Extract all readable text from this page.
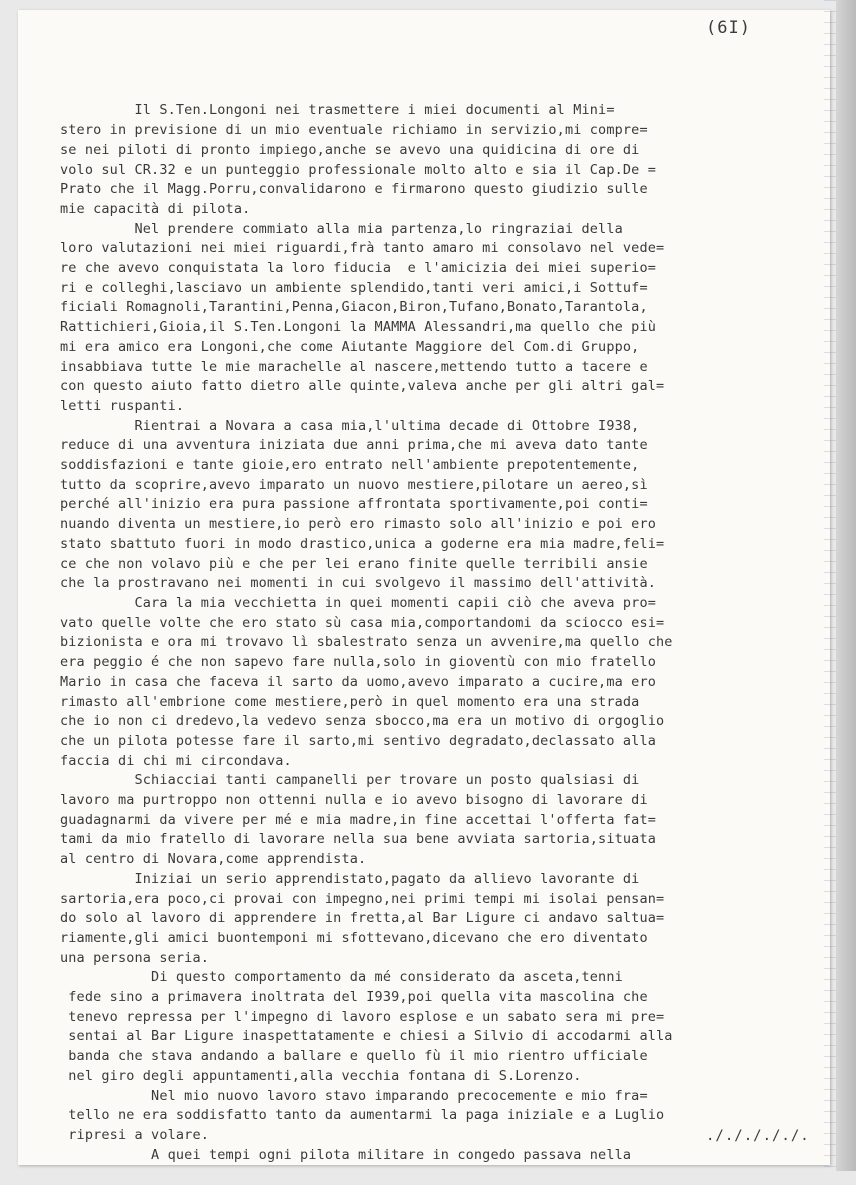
(6I)

Il S.Ten.Longoni nei trasmettere i miei documenti al Mini=
stero in previsione di un mio eventuale richiamo in servizio,mi compre=
se nei piloti di pronto impiego,anche se avevo una quidicina di ore di
volo sul CR.32 e un punteggio professionale molto alto e sia il Cap.De =
Prato che il Magg.Porru,convalidarono e firmarono questo giudizio sulle
mie capacità di pilota.
Nel prendere commiato alla mia partenza,lo ringraziai della
loro valutazioni nei miei riguardi,frà tanto amaro mi consolavo nel vede=
re che avevo conquistata la loro fiducia  e l'amicizia dei miei superio=
ri e colleghi,lasciavo un ambiente splendido,tanti veri amici,i Sottuf=
ficiali Romagnoli,Tarantini,Penna,Giacon,Biron,Tufano,Bonato,Tarantola,
Rattichieri,Gioia,il S.Ten.Longoni la MAMMA Alessandri,ma quello che più
mi era amico era Longoni,che come Aiutante Maggiore del Com.di Gruppo,
insabbiava tutte le mie marachelle al nascere,mettendo tutto a tacere e
con questo aiuto fatto dietro alle quinte,valeva anche per gli altri gal=
letti ruspanti.
Rientrai a Novara a casa mia,l'ultima decade di Ottobre I938,
reduce di una avventura iniziata due anni prima,che mi aveva dato tante
soddisfazioni e tante gioie,ero entrato nell'ambiente prepotentemente,
tutto da scoprire,avevo imparato un nuovo mestiere,pilotare un aereo,sì
perché all'inizio era pura passione affrontata sportivamente,poi conti=
nuando diventa un mestiere,io però ero rimasto solo all'inizio e poi ero
stato sbattuto fuori in modo drastico,unica a goderne era mia madre,feli=
ce che non volavo più e che per lei erano finite quelle terribili ansie
che la prostravano nei momenti in cui svolgevo il massimo dell'attività.
Cara la mia vecchietta in quei momenti capii ciò che aveva pro=
vato quelle volte che ero stato sù casa mia,comportandomi da sciocco esi=
bizionista e ora mi trovavo lì sbalestrato senza un avvenire,ma quello che
era peggio é che non sapevo fare nulla,solo in gioventù con mio fratello
Mario in casa che faceva il sarto da uomo,avevo imparato a cucire,ma ero
rimasto all'embrione come mestiere,però in quel momento era una strada
che io non ci dredevo,la vedevo senza sbocco,ma era un motivo di orgoglio
che un pilota potesse fare il sarto,mi sentivo degradato,declassato alla
faccia di chi mi circondava.
Schiacciai tanti campanelli per trovare un posto qualsiasi di
lavoro ma purtroppo non ottenni nulla e io avevo bisogno di lavorare di
guadagnarmi da vivere per mé e mia madre,in fine accettai l'offerta fat=
tami da mio fratello di lavorare nella sua bene avviata sartoria,situata
al centro di Novara,come apprendista.
Iniziai un serio apprendistato,pagato da allievo lavorante di
sartoria,era poco,ci provai con impegno,nei primi tempi mi isolai pensan=
do solo al lavoro di apprendere in fretta,al Bar Ligure ci andavo saltua=
riamente,gli amici buontemponi mi sfottevano,dicevano che ero diventato
una persona seria.
Di questo comportamento da mé considerato da asceta,tenni
fede sino a primavera inoltrata del I939,poi quella vita mascolina che
tenevo repressa per l'impegno di lavoro esplose e un sabato sera mi pre=
sentai al Bar Ligure inaspettatamente e chiesi a Silvio di accodarmi alla
banda che stava andando a ballare e quello fù il mio rientro ufficiale
nel giro degli appuntamenti,alla vecchia fontana di S.Lorenzo.
Nel mio nuovo lavoro stavo imparando precocemente e mio fra=
tello ne era soddisfatto tanto da aumentarmi la paga iniziale e a Luglio
ripresi a volare.
A quei tempi ogni pilota militare in congedo passava nella

./././././.
